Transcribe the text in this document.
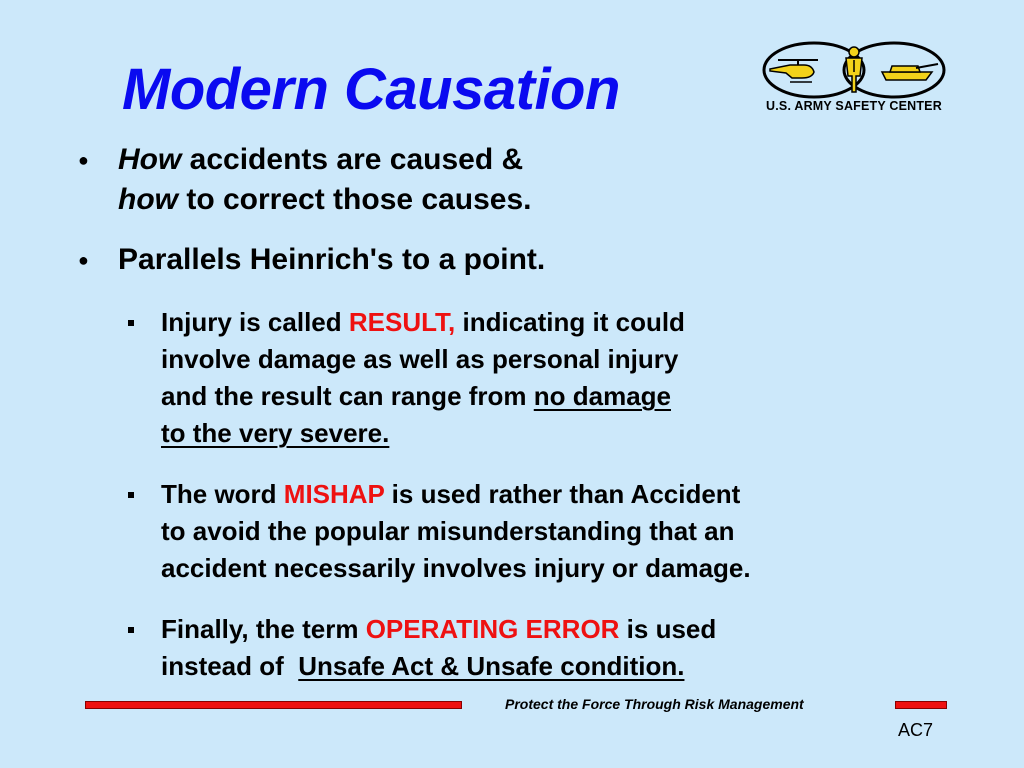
Modern Causation	U.S. ARMY SAFETY CENTER
● How accidents are caused &
how to correct those causes.
● Parallels Heinrich's to a point.
Injury is called RESULT, indicating it could
involve damage as well as personal injury
and the result can range from no damage
to the very severe.
The word MISHAP is used rather than Accident
to avoid the popular misunderstanding that an
accident necessarily involves injury or damage.
Finally, the term OPERATING ERROR is used
instead of  Unsafe Act & Unsafe condition.
Protect the Force Through Risk Management
AC7
